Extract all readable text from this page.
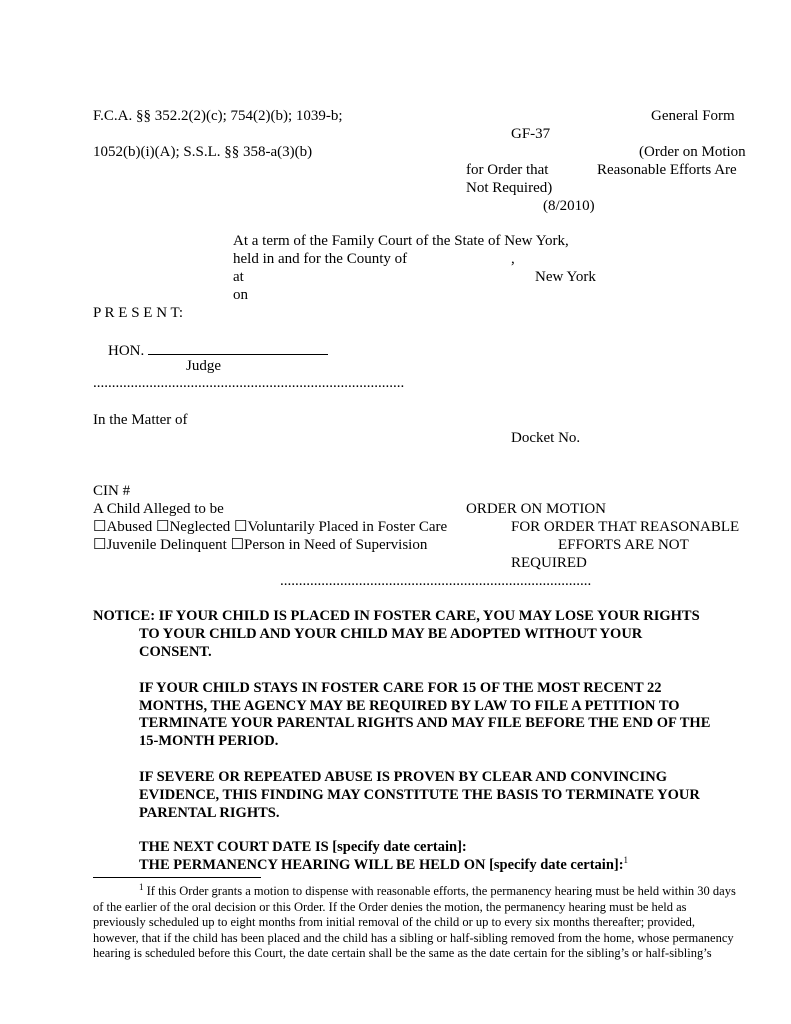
F.C.A. §§ 352.2(2)(c); 754(2)(b); 1039-b;	General Form
GF-37
1052(b)(i)(A); S.S.L. §§ 358-a(3)(b)	(Order on Motion
for Order that	Reasonable Efforts Are
Not Required)
(8/2010)
At a term of the Family Court of the State of New York,
held in and for the County of	,
at	New York
on
P R E S E N T:
HON.
Judge
...................................................................................
In the Matter of
Docket No.
CIN #
A Child Alleged to be
☐Abused ☐Neglected ☐Voluntarily Placed in Foster Care
☐Juvenile Delinquent ☐Person in Need of Supervision
ORDER ON MOTION
FOR ORDER THAT REASONABLE
EFFORTS ARE NOT
REQUIRED
...................................................................................
NOTICE: IF YOUR CHILD IS PLACED IN FOSTER CARE, YOU MAY LOSE YOUR RIGHTS
TO YOUR CHILD AND YOUR CHILD MAY BE ADOPTED WITHOUT YOUR
CONSENT.
IF YOUR CHILD STAYS IN FOSTER CARE FOR 15 OF THE MOST RECENT 22
MONTHS, THE AGENCY MAY BE REQUIRED BY LAW TO FILE A PETITION TO
TERMINATE YOUR PARENTAL RIGHTS AND MAY FILE BEFORE THE END OF THE
15-MONTH PERIOD.
IF SEVERE OR REPEATED ABUSE IS PROVEN BY CLEAR AND CONVINCING
EVIDENCE, THIS FINDING MAY CONSTITUTE THE BASIS TO TERMINATE YOUR
PARENTAL RIGHTS.
THE NEXT COURT DATE IS [specify date certain]:
THE PERMANENCY HEARING WILL BE HELD ON [specify date certain]:$^1$
$^1$ If this Order grants a motion to dispense with reasonable efforts, the permanency hearing must be held within 30 days
of the earlier of the oral decision or this Order. If the Order denies the motion, the permanency hearing must be held as
previously scheduled up to eight months from initial removal of the child or up to every six months thereafter; provided,
however, that if the child has been placed and the child has a sibling or half-sibling removed from the home, whose permanency
hearing is scheduled before this Court, the date certain shall be the same as the date certain for the sibling’s or half-sibling’s
